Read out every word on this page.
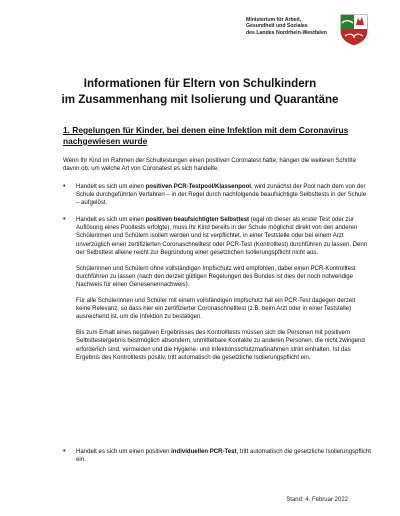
Ministerium für Arbeit,
Gesundheit und Soziales
des Landes Nordrhein-Westfalen
Informationen für Eltern von Schulkindern
im Zusammenhang mit Isolierung und Quarantäne
1. Regelungen für Kinder, bei denen eine Infektion mit dem Coronavirus nachgewiesen wurde
Wenn Ihr Kind im Rahmen der Schultestungen einen positiven Coronatest hatte, hängen die weiteren Schritte davon ob, um welche Art von Coronatest es sich handelte:
• Handelt es sich um einen positiven PCR-Testpool/Klassenpool, wird zunächst der Pool nach dem von der Schule durchgeführten Verfahren – in der Regel durch nachfolgende beaufsichtigte Selbsttests in der Schule – aufgelöst.
• Handelt es sich um einen positiven beaufsichtigten Selbsttest (egal ob dieser als erster Test oder zur Auflösung eines Pooltests erfolgte), muss Ihr Kind bereits in der Schule möglichst direkt von den anderen Schülerinnen und Schülern isoliert werden und ist verpflichtet, in einer Teststelle oder bei einem Arzt unverzüglich einen zertifizierten Coronaschnelltest oder PCR-Test (Kontrolltest) durchführen zu lassen. Denn der Selbsttest alleine reicht zur Begründung einer gesetzlichen Isolierungspflicht nicht aus.
Schülerinnen und Schülern ohne vollständigen Impfschutz wird empfohlen, dabei einen PCR-Kontrolltest durchführen zu lassen (nach den derzeit gültigen Regelungen des Bundes ist dies der noch notwendige Nachweis für einen Genesenennachweis).
Für alle Schülerinnen und Schüler mit einem vollständigen Impfschutz hat ein PCR-Test dagegen derzeit keine Relevanz, so dass hier ein zertifizierter Coronaschnelltest (z.B. beim Arzt oder in einer Teststelle) ausreichend ist, um die Infektion zu bestätigen.
Bis zum Erhalt eines negativen Ergebnisses des Kontrolltests müssen sich die Personen mit positivem Selbsttestergebnis bestmöglich absondern, unmittelbare Kontakte zu anderen Personen, die nicht zwingend erforderlich sind, vermeiden und die Hygiene- und Infektionsschutzmaßnahmen strikt einhalten. Ist das Ergebnis des Kontrolltests positiv, tritt automatisch die gesetzliche Isolierungspflicht ein.
• Handelt es sich um einen positiven individuellen PCR-Test, tritt automatisch die gesetzliche Isolierungspflicht ein.
Stand: 4. Februar 2022
